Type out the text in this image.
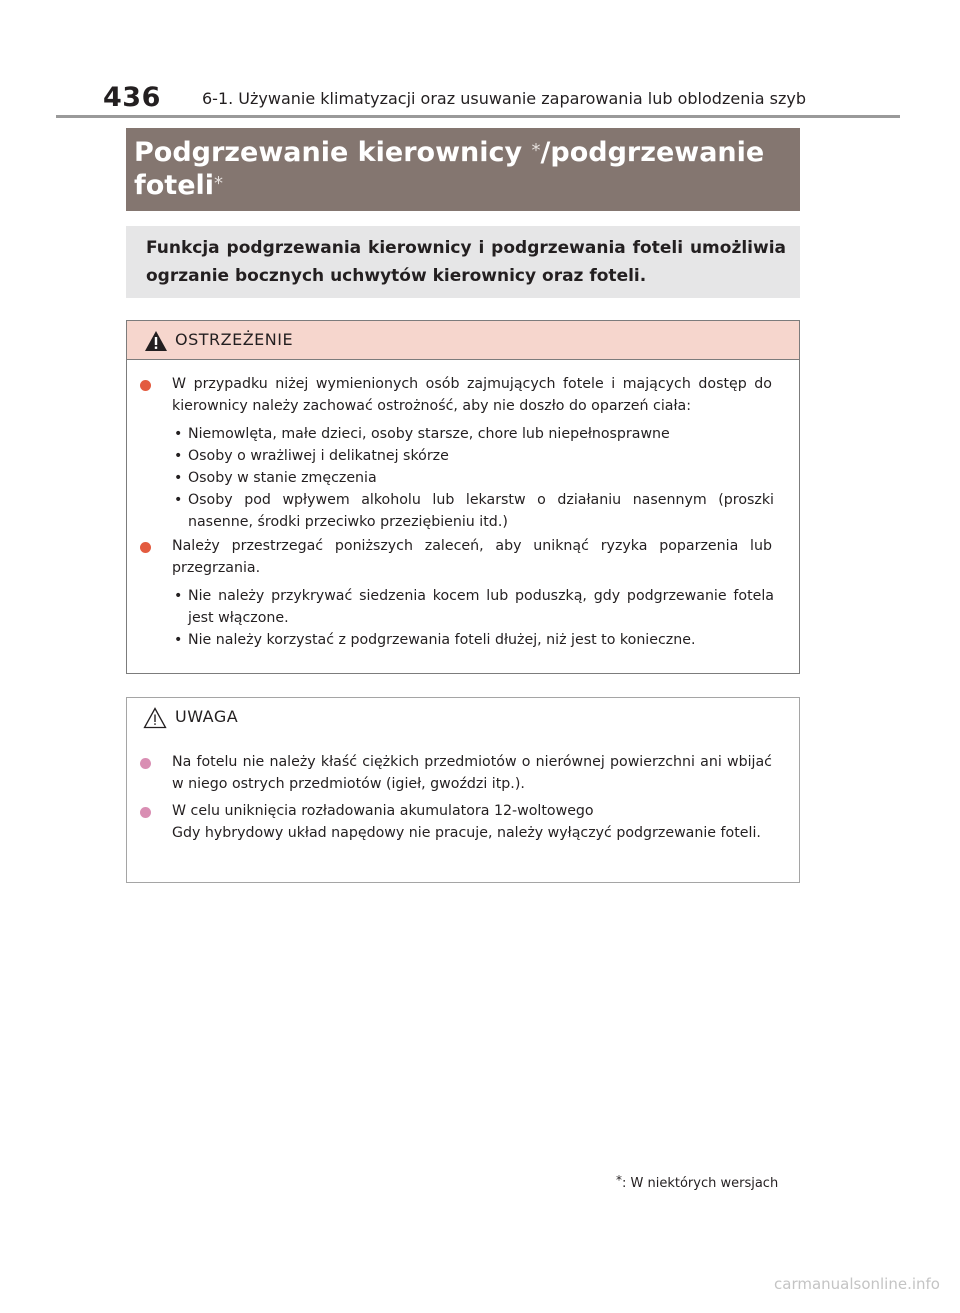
436	6-1. Używanie klimatyzacji oraz usuwanie zaparowania lub oblodzenia szyb
Podgrzewanie kierownicy */podgrzewanie
foteli*
Funkcja podgrzewania kierownicy i podgrzewania foteli umożliwia ogrzanie bocznych uchwytów kierownicy oraz foteli.
OSTRZEŻENIE
W przypadku niżej wymienionych osób zajmujących fotele i mających dostęp do kierownicy należy zachować ostrożność, aby nie doszło do oparzeń ciała:
• Niemowlęta, małe dzieci, osoby starsze, chore lub niepełnosprawne
• Osoby o wrażliwej i delikatnej skórze
• Osoby w stanie zmęczenia
• Osoby pod wpływem alkoholu lub lekarstw o działaniu nasennym (proszki nasenne, środki przeciwko przeziębieniu itd.)
Należy przestrzegać poniższych zaleceń, aby uniknąć ryzyka poparzenia lub przegrzania.
• Nie należy przykrywać siedzenia kocem lub poduszką, gdy podgrzewanie fotela jest włączone.
• Nie należy korzystać z podgrzewania foteli dłużej, niż jest to konieczne.
UWAGA
Na fotelu nie należy kłaść ciężkich przedmiotów o nierównej powierzchni ani wbijać w niego ostrych przedmiotów (igieł, gwoździ itp.).
W celu uniknięcia rozładowania akumulatora 12-woltowego
Gdy hybrydowy układ napędowy nie pracuje, należy wyłączyć podgrzewanie foteli.
*: W niektórych wersjach
carmanualsonline.info
